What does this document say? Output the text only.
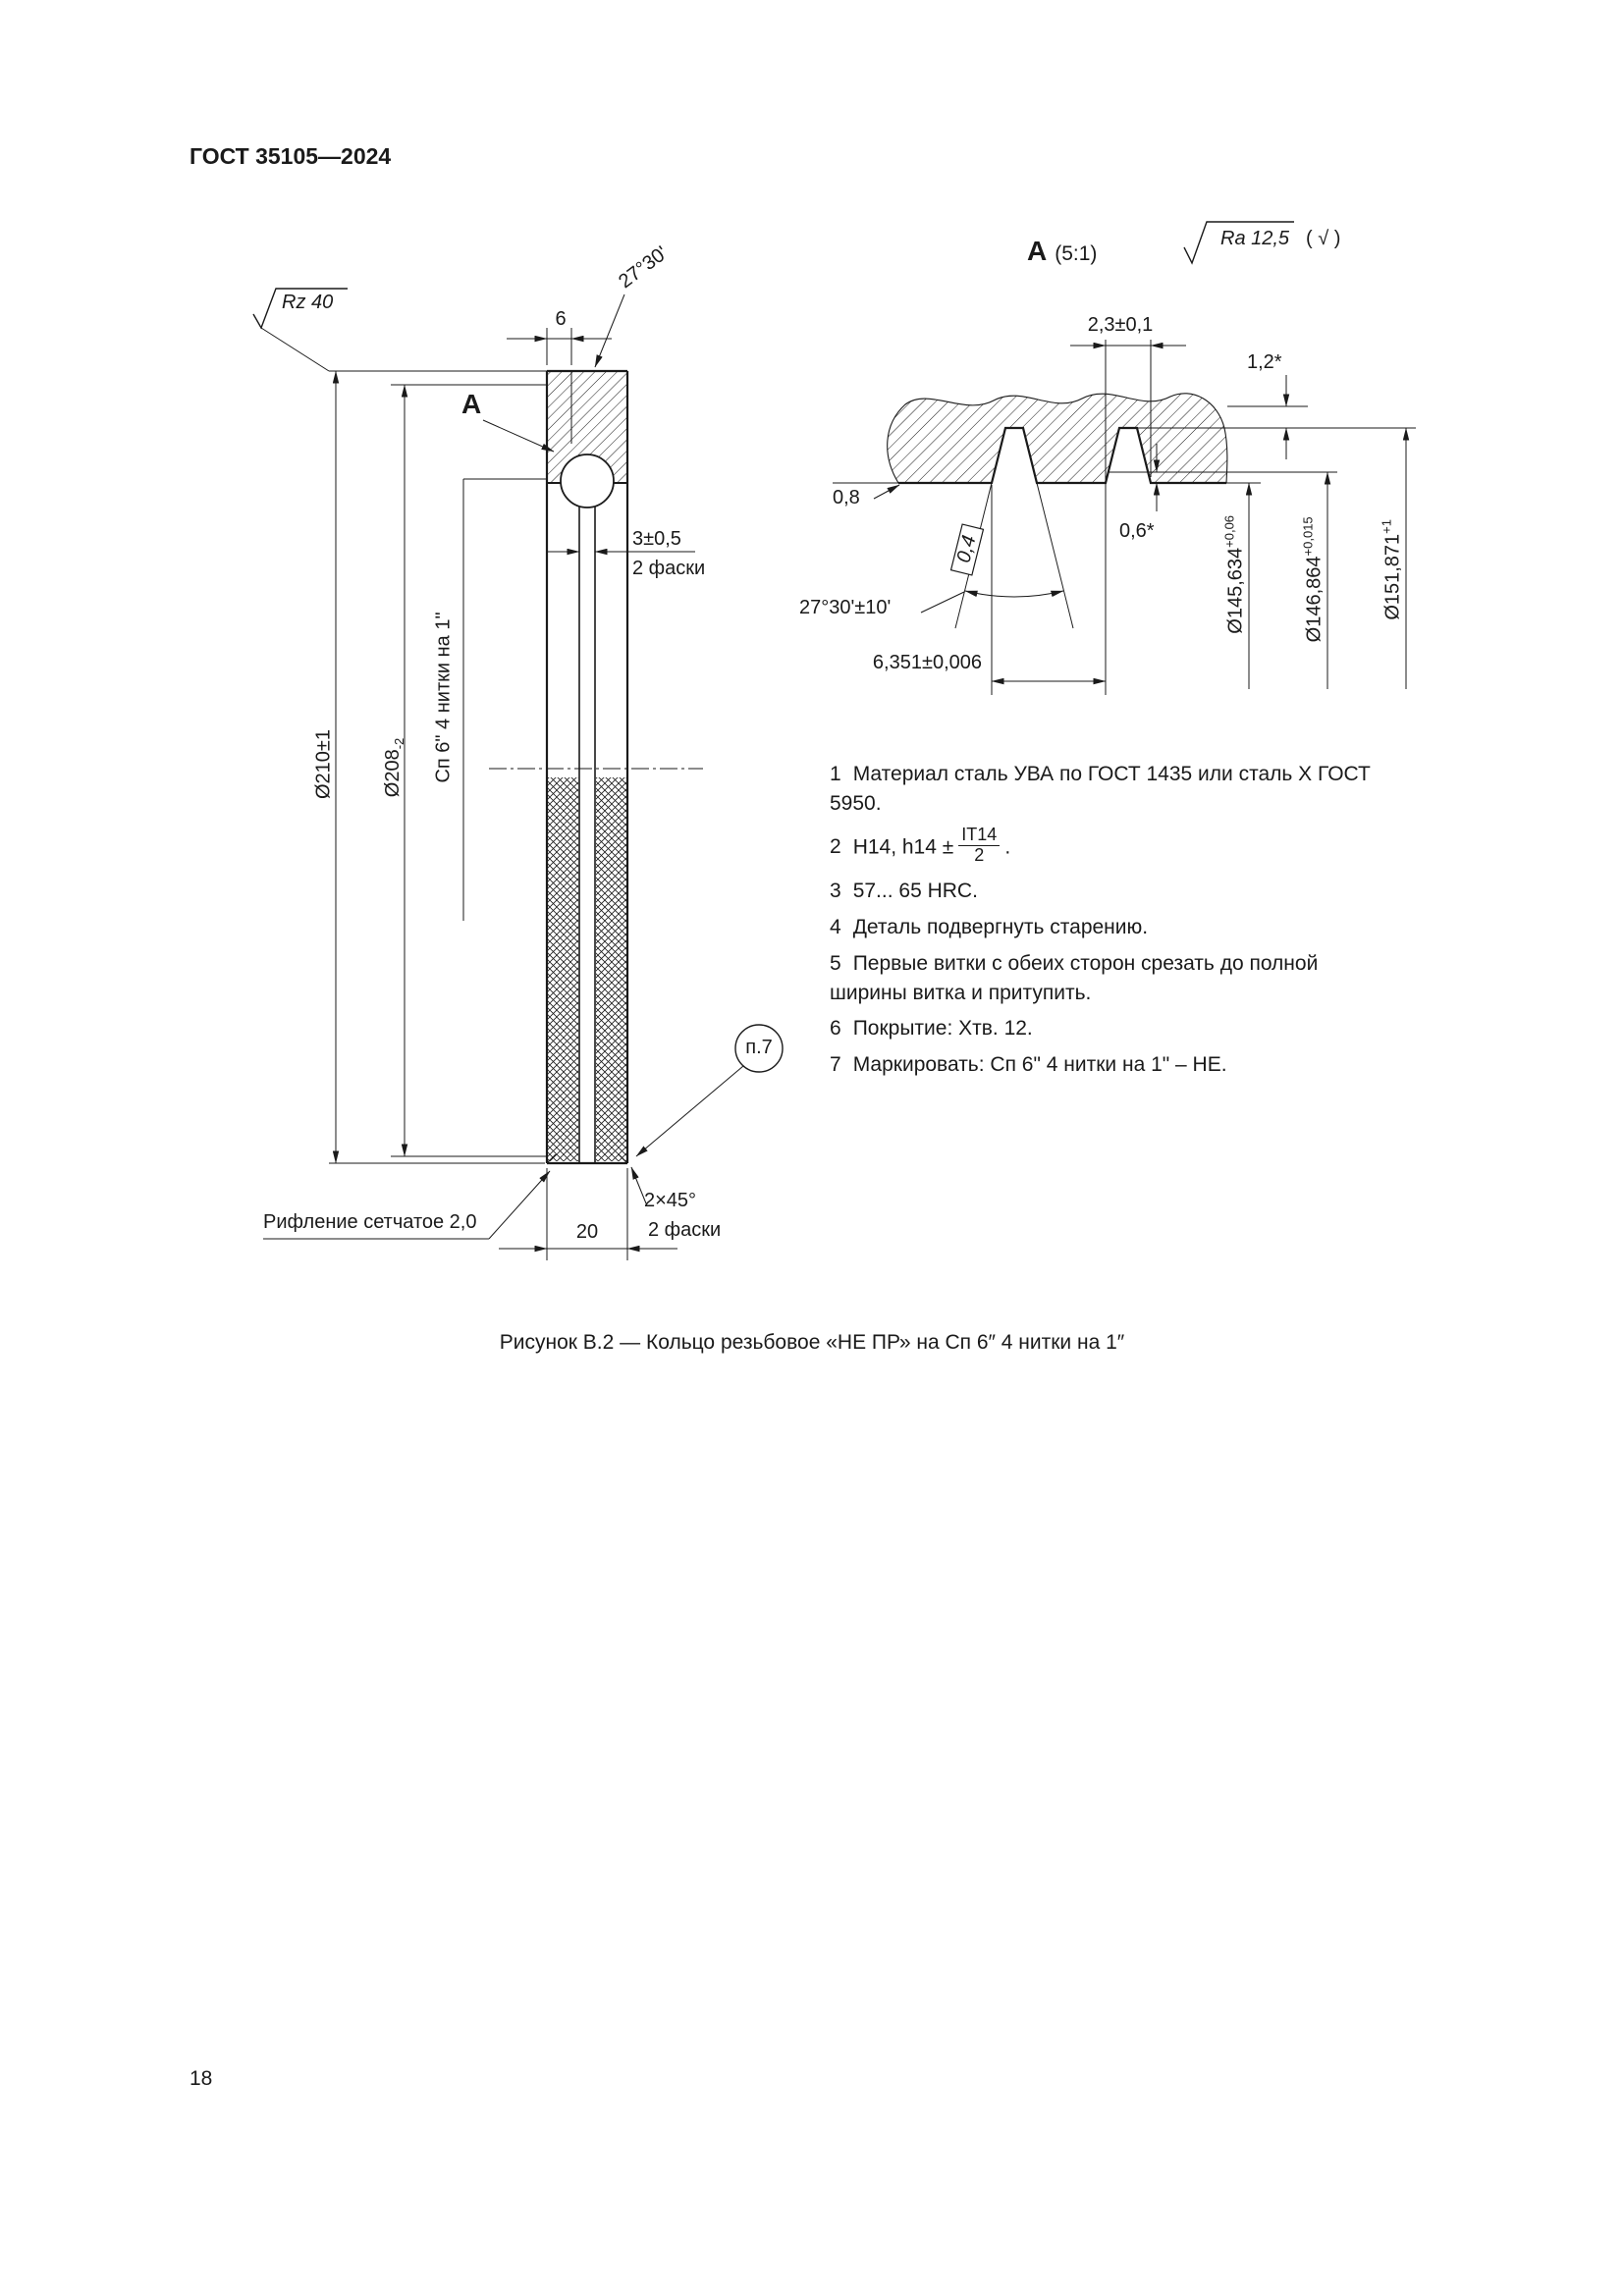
ГОСТ 35105—2024
Rz 40
27°30'
6
А
3±0,5
2 фаски
Ø210±1 $Ø208_{-2}$ Сп 6" 4 нитки на 1"
п.7
Рифление сетчатое 2,0	20
2×45°
2 фаски
А (5:1)
Ra 12,5 ( √ )
2,3±0,1
1,2*
0,8
0,4
0,6*
27°30'±10'
6,351±0,006
$Ø145,634^{+0,06}$
$Ø146,864^{+0,015}$	$Ø151,871^{+1}$
1 Материал сталь УВА по ГОСТ 1435 или сталь Х ГОСТ 5950.
2 H14, $h14 \pm \frac{IT14}{2}$ .
3 57... 65 HRC.
4 Деталь подвергнуть старению.
5 Первые витки с обеих сторон срезать до полной ширины витка и притупить.
6 Покрытие: Хтв. 12.
7 Маркировать: Сп 6" 4 нитки на 1" – НЕ.
Рисунок В.2 — Кольцо резьбовое «НЕ ПР» на Сп 6″ 4 нитки на 1″
18
